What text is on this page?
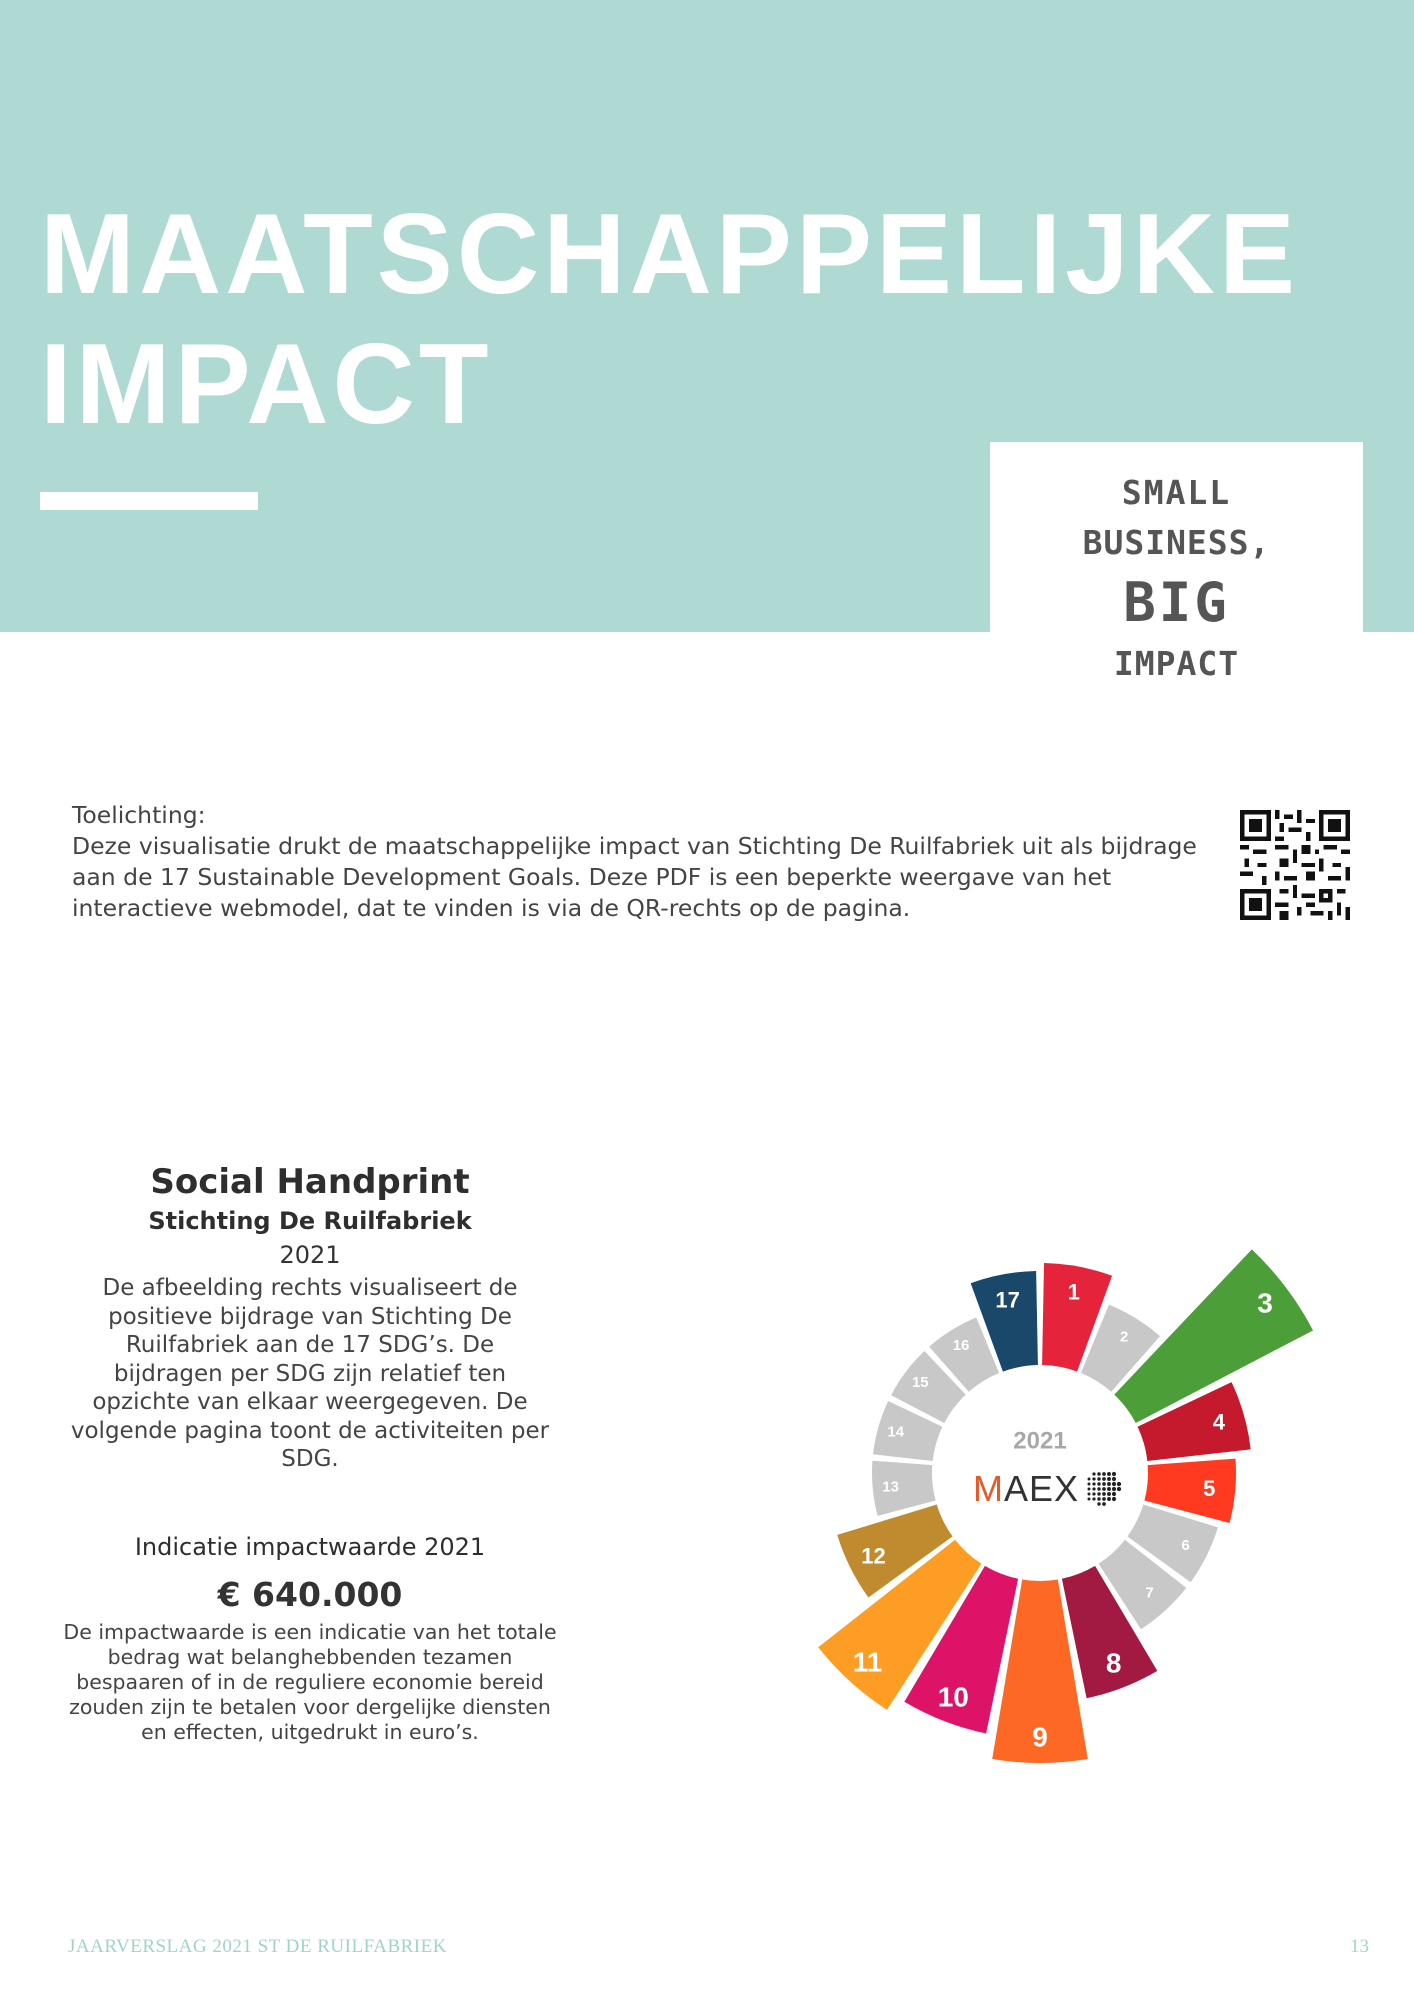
MAATSCHAPPELIJKE
IMPACT
SMALL
BUSINESS,
BIG
IMPACT

Toelichting:

Deze visualisatie drukt de maatschappelijke impact van Stichting De Ruilfabriek uit als bijdrage aan de 17 Sustainable Development Goals. Deze PDF is een beperkte weergave van het interactieve webmodel, dat te vinden is via de QR-rechts op de pagina.

Social Handprint
Stichting De Ruilfabriek
2021

De afbeelding rechts visualiseert de positieve bijdrage van Stichting De Ruilfabriek aan de 17 SDG’s. De bijdragen per SDG zijn relatief ten opzichte van elkaar weergegeven. De volgende pagina toont de activiteiten per SDG.

Indicatie impactwaarde 2021
€ 640.000

De impactwaarde is een indicatie van het totale bedrag wat belanghebbenden tezamen bespaaren of in de reguliere economie bereid zouden zijn te betalen voor dergelijke diensten en effecten, uitgedrukt in euro’s.

1
2
3
4
5
6
7
8
9
10
11
12
13
14
15
16
17
2021
MAEX
JAARVERSLAG 2021 ST DE RUILFABRIEK	13
